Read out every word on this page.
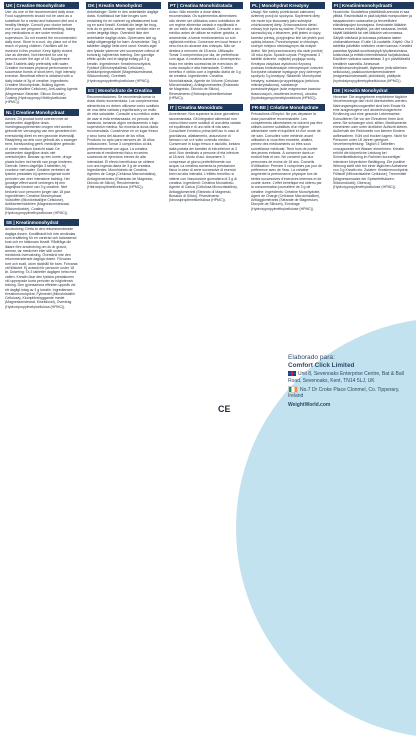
UK | Creatine Monohydrate
Use: As one of the recommended daily dose. Food supplements should not be used as a substitute for a varied and balanced diet and a healthy lifestyle. Consult your doctor before use if you are pregnant, breastfeeding, taking any medications or are under medical supervision. Do not exceed the recommended daily dose. Store in a cool, dry place out of the reach of young children. Facilities will be involved in this product. Keep tightly closed. Use as directed. Not intended for use by persons under the age of 18. Supplement: Take 3 tablets daily preferably with water. Creatine increases physical performance in successive bursts of short-term, high intensity exercise. Beneficial effect is obtained with a daily intake of 3g of creatine. Ingredients: Creatine Monohydrate, Bulking Agents (Microcrystalline Cellulose), Anti-caking Agents (Magnesium Stearate, Silicon Dioxide), Coating (Hydroxypropyl Methylcellulose (HPMC)).
NL | Creatine Monohydraat
Advies: Dit product komt overeen met de aanbevolen dagelijkse dosis. Voedingssupplementen mogen niet worden gebruikt ter vervanging van een gevarieerd en evenwichtig dieet en een gezonde levensstijl. Raadpleeg uw arts voor gebruik als u zwanger bent, borstvoeding geeft, medicijnen gebruikt of onder medisch toezicht staat. De aanbevolen dagelijkse dosis niet overschrijden. Bewaar op een koele, droge plaats buiten het bereik van jonge kinderen. Gebruik: Neem dagelijks 3 tabletten, bij voorkeur met water. Creatine verbetert de fysieke prestaties bij opeenvolgende korte perioden van zeer intensieve training. Het gunstige effect wordt verkregen bij een dagelijkse inname van 3 g creatine. Niet bedoeld voor personen jonger dan 18 jaar. Ingrediënten: Creatine Monohydraat, Vulstoffen (Microkristallijne Cellulose), Antiklontermiddelen (Magnesiumstearaat, Siliciumdioxide), Coating (Hydroxypropylmethylcellulose (HPMC)).
SE | Kreatinmonohydrat
Användning: Detta är den rekommenderade dagliga dosen. Kosttillskott bör inte användas som ersättning för en varierad och balanserad kost och en hälsosam livsstil. Rådfråga din läkare före användning om du är gravid, ammar, tar mediciner eller står under medicinsk övervakning. Överskrid inte den rekommenderade dagliga dosen. Förvaras torrt och svalt, utom räckhåll för barn. Förvaras väl tillslutet. Ej avsedd för personer under 18 år. Dosering: Ta 3 tabletter dagligen helst med vatten. Kreatin ökar den fysiska prestationen vid upprepade korta perioder av högintensiv träning. Den gynnsamma effekten uppnås vid ett dagligt intag av 3 g kreatin. Ingredienser: Kreatinmonohydrat, Fyllmedel (Mikrokristallin Cellulosa), Klumpförebyggande medel (Magnesiumstearat, Kiseldioxid), Överdrag (Hydroxipropylmetylcellulosa (HPMC)).
DK | Kreatin Monohydrat
Anbefalinger: Dette er den anbefalede daglige dosis. Kosttilskud bør ikke bruges som erstatning for en varieret og afbalanceret kost og en sund livsstil. Kontakt din læge før brug, hvis du er gravid, ammer, tager medicin eller er under lægeligt tilsyn. Overskrid ikke den anbefalede daglige dosis. Opbevares tørt og køligt utilgængeligt for børn. Anvendelse: Tag 3 tabletter dagligt helst med vand. Kreatin øger den fysiske ydeevne ved successive udbrud af kortvarig, højintensiv træning. Den gavnlige effekt opnås ved et dagligt indtag på 3 g kreatin. Ingredienser: Kreatinmonohydrat, Fyldstof (Mikrokrystallinsk Cellulose), Antiklumpningsmiddel (Magnesiumstearat, Siliciumdioxid), Overtræk (Hydroxypropylmethylcellulose (HPMC)).
ES | Monohidrato de Creatina
Recomendaciones: Se recomienda tomar la dosis diaria recomendada. Los complementos alimenticios no deben utilizarse como sustituto de una dieta variada y equilibrada y un estilo de vida saludable. Consulte a su médico antes de usar si está embarazada, en período de lactancia, tomando algún medicamento o bajo supervisión médica. No exceda la dosis diaria recomendada. Consérvese en un lugar fresco y seco fuera del alcance de los niños. Producto no apto para menores de 18 años. Indicaciones: Tomar 3 comprimidos al día, preferentemente con agua. La creatina aumenta el rendimiento físico en series sucesivas de ejercicios breves de alta intensidad. El efecto beneficioso se obtiene con una ingesta diaria de 3 g de creatina. Ingredientes: Monohidrato de Creatina, Agentes de Carga (Celulosa Microcristalina), Antiaglomerantes (Estearato de Magnesio, Dióxido de Silicio), Recubrimiento (Hidroxipropilmetilcelulosa (HPMC)).
PT | Creatina Monohidratada
Aviso: Não exceder a dose diária recomendada. Os suplementos alimentares não devem ser utilizados como substitutos de um regime alimentar variado e equilibrado e de um estilo de vida saudável. Consulte o seu médico antes de utilizar se estiver grávida, a amamentar, a tomar medicamentos ou sob vigilância médica. Conservar em local fresco e seco fora do alcance das crianças. Não se destina a menores de 18 anos. Utilização: Tomar 3 comprimidos por dia, de preferência com água. A creatina aumenta o desempenho físico em séries sucessivas de exercícios de curta duração e alta intensidade. O efeito benéfico é obtido com a ingestão diária de 3 g de creatina. Ingredientes: Creatina Monohidratada, Agente de Volume (Celulose Microcristalina), Antiaglomerantes (Estearato de Magnésio, Dióxido de Silício), Revestimento (Hidroxipropilmetilcelulose (HPMC)).
IT | Creatina Monoidrato
Avvertenze: Non superare la dose giornaliera raccomandata. Gli integratori alimentari non vanno intesi come sostituti di una dieta variata ed equilibrata e di uno stile di vita sano. Consultare il medico prima dell'uso in caso di gravidanza, allattamento, assunzione di farmaci o se si è sotto controllo medico. Conservare in luogo fresco e asciutto, lontano dalla portata dei bambini di età inferiore ai 3 anni. Non destinato a persone di età inferiore ai 18 anni. Modo d'uso: Assumere 3 compresse al giorno preferibilmente con acqua. La creatina aumenta la prestazione fisica in caso di serie successive di esercizi brevi ad alta intensità. L'effetto benefico si ottiene con l'assunzione giornaliera di 3 g di creatina. Ingredienti: Creatina Monoidrato, Agente di Carica (Cellulosa Microcristallina), Antiagglomeranti (Stearato di Magnesio, Biossido di Silicio), Rivestimento (Idrossipropilmetilcellulosa (HPMC)).
PL | Monohydrat Kreatyny
Uwagi: Nie należy przekraczać zalecanej dziennej porcji do spożycia. Suplement diety nie może być stosowany jako substytut zróżnicowanej diety. Zrównoważona dieta i zdrowy tryb życia są ważne. Przed użyciem skonsultuj się z lekarzem, jeśli jesteś w ciąży, karmisz piersią, przyjmujesz leki lub jesteś pod opieką lekarza. Przechowywać w chłodnym, suchym miejscu niedostępnym dla małych dzieci. Nie jest przeznaczony dla osób poniżej 18 roku życia. Sposób użycia: Przyjmować 3 tabletki dziennie, najlepiej popijając wodą. Kreatyna zwiększa wydolność fizyczną podczas krótkotrwałych intensywnych ćwiczeń. Korzystne działanie występuje przy dziennym spożyciu 3 g kreatyny. Składniki: Monohydrat kreatyny, substancja wypełniająca (celuloza mikrokrystaliczna), substancje przeciwzbrylające (sole magnezowe kwasów tłuszczowych, dwutlenek krzemu), otoczka (hydroksypropylometyloceluloza (HPMC)).
FR-BE | Créatine Monohydrate
Précautions d'Emploi: Ne pas dépasser la dose journalière recommandée. Les compléments alimentaires ne doivent pas être utilisés comme substituts d'un régime alimentaire varié et équilibré et d'un mode de vie sain. Consultez votre médecin avant utilisation si vous êtes enceinte, allaitez, prenez des médicaments ou êtes sous surveillance médicale. Tenir hors de portée des jeunes enfants. À conserver dans un endroit frais et sec. Ne convient pas aux personnes de moins de 18 ans. Conseils d'Utilisation: Prendre 3 comprimés par jour de préférence avec de l'eau. La créatine augmente la performance physique lors de séries successives d'exercices intenses et de courte durée. L'effet bénéfique est obtenu par la consommation journalière de 3 g de créatine. Ingrédients: Créatine Monohydrate, Agent de Charge (Cellulose Microcristalline), Antiagglomérants (Stéarate de Magnésium, Dioxyde de Silicium), Enrobage (Hydroxypropylméthylcellulose (HPMC)).
FI | Kreatiinimonohydraatti
Huomioita: Suositeltua päivittäistä annosta ei saa ylittää. Ravintolisää ei pidä käyttää monipuolisen ja tasapainoisen ruokavalion ja terveellisten elämäntapojen korvaajana. Keskustele lääkärin kanssa ennen käyttöä, jos olet raskaana, imetät, käytät lääkkeitä tai olet lääkärin valvonnassa. Säilytä viileässä ja kuivassa paikassa lasten ulottumattomissa. Ei alle 18-vuotiaille. Käyttö: Ota 3 tablettia päivittäin mieluiten veden kanssa. Kreatiini parantaa fyysistä suorituskykyä lyhytkestoisissa, toistuvissa ja erittäin intensiivisissä harjoituksissa. Edullinen vaikutus saavutetaan 3 g:n päivittäisellä kreatiinin saannilla. Ainesosat: Kreatiinimonohydraatti, täyteaine (mikrokiteinen selluloosa), paakkuuntumisenestoaineet (magnesiumstearaatti, piidioksidi), päällyste (hydroksipropyylimetyyliselluloosa (HPMC)).
DE | Kreatin Monohydrat
Hinweise: Die angegebene empfohlene tägliche Verzehrsmenge darf nicht überschritten werden. Nahrungsergänzungsmittel sind kein Ersatz für eine ausgewogene und abwechslungsreiche Ernährung und eine gesunde Lebensweise. Konsultieren Sie vor der Einnahme Ihren Arzt, wenn Sie schwanger sind, stillen, Medikamente einnehmen oder unter ärztlicher Aufsicht stehen. Außerhalb der Reichweite von kleinen Kindern aufbewahren. Kühl und trocken lagern. Nicht für Personen unter 18 Jahren geeignet. Verzehrempfehlung: Täglich 3 Tabletten vorzugsweise mit Wasser einnehmen. Kreatin erhöht die körperliche Leistung bei Schnellkrafttraining im Rahmen kurzzeitiger intensiver körperlicher Betätigung. Die positive Wirkung stellt sich bei einer täglichen Aufnahme von 3 g Kreatin ein. Zutaten: Kreatinmonohydrat, Füllstoff (Mikrokristalline Cellulose), Trennmittel (Magnesiumsalze der Speisefettsäuren, Siliciumdioxid), Überzug (Hydroxypropylmethylcellulose (HPMC)).
Elaborado para:
Comfort Click Limited
Unit 8, Sevenoaks Enterprise Centre, Bat & Ball Road, Sevenoaks, Kent, TN14 5LJ, UK
No.7 Dr Croke Place Clonmel, Co. Tipperary, Ireland
WeightWorld.com
CE
